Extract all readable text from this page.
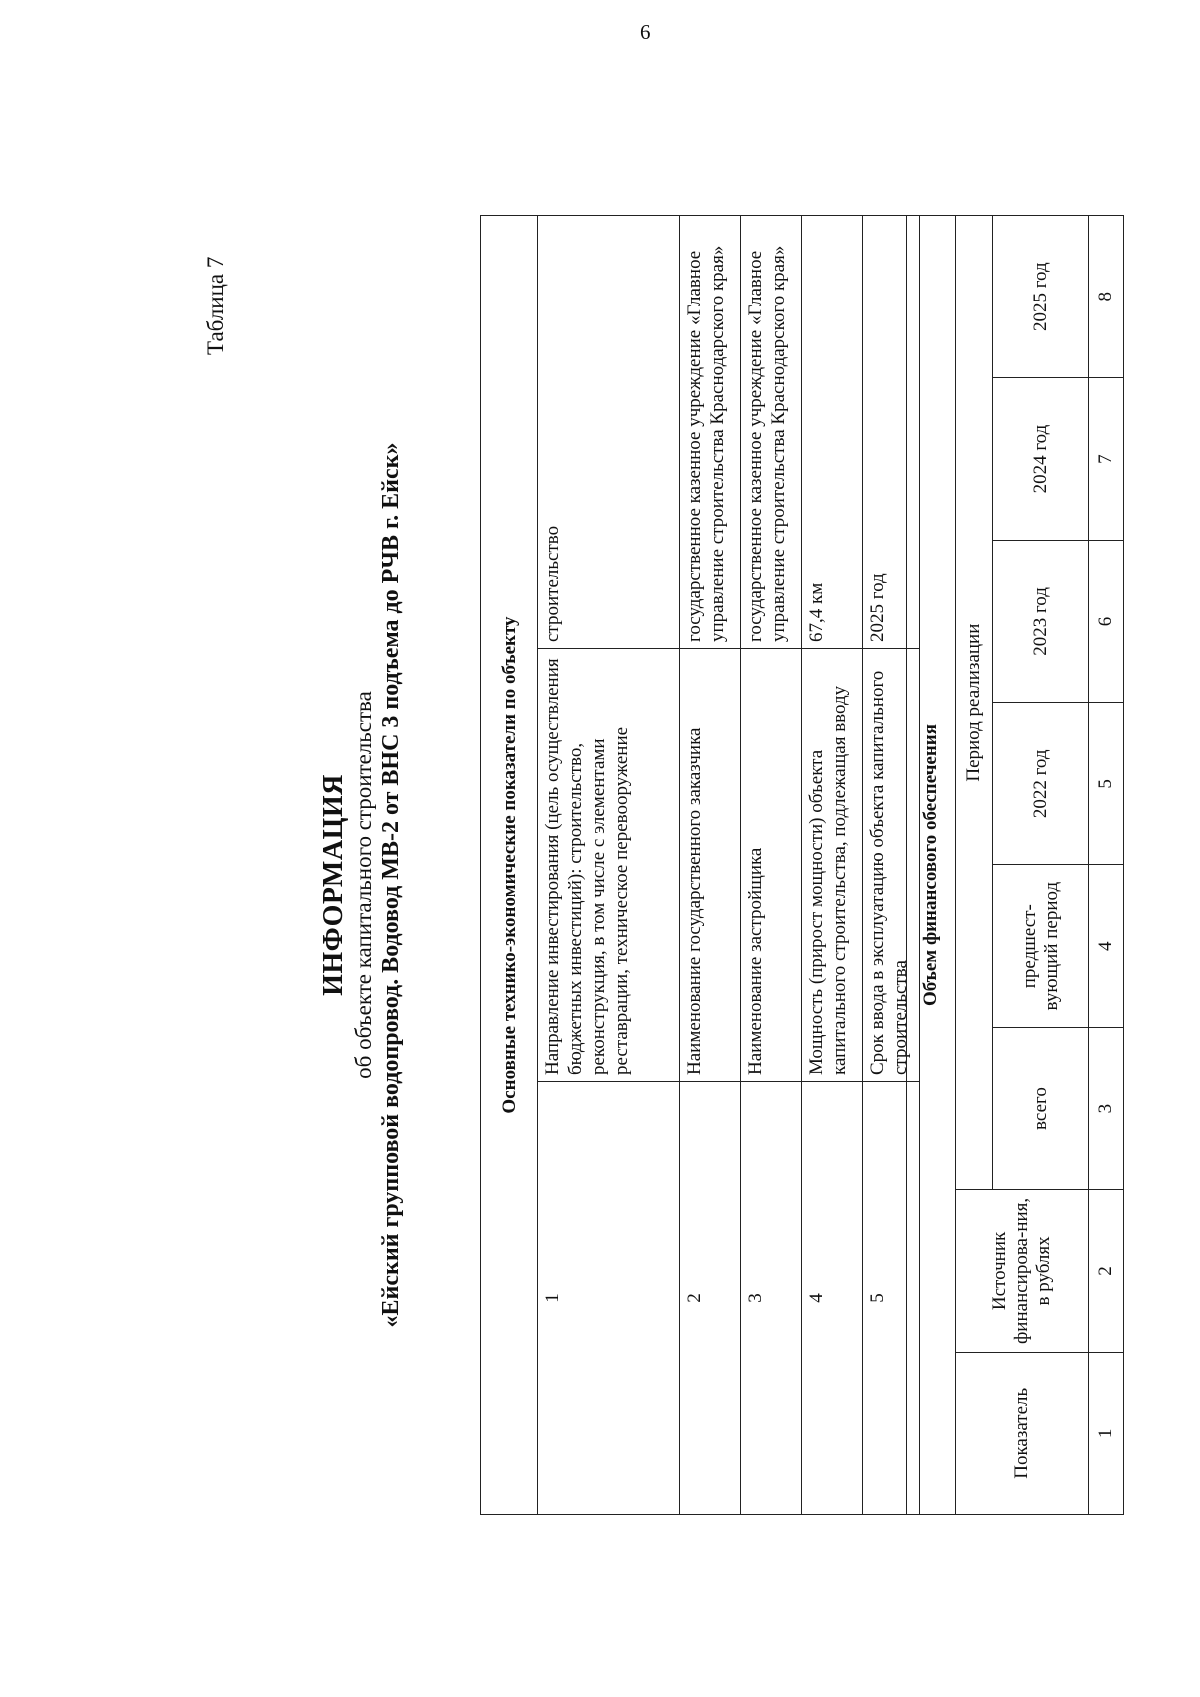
6
Таблица 7
ИНФОРМАЦИЯ об объекте капитального строительства «Ейский групповой водопровод. Водовод МВ-2 от ВНС 3 подъема до РЧВ г. Ейск»	Основные технико-экономические показатели по объекту		
1	Направление инвестирования (цель осуществления бюджетных инвестиций): строительство, реконструкция, в том числе с элементами реставрации, техническое перевооружение	строительство
2	Наименование государственного заказчика	государственное казенное учреждение «Главное управление строительства Краснодарского края»
3	Наименование застройщика	государственное казенное учреждение «Главное управление строительства Краснодарского края»
4	Мощность (прирост мощности) объекта капитального строительства, подлежащая вводу	67,4 км
5	Срок ввода в эксплуатацию объекта капитального строительства	2025 год
Объем финансового обеспечения							
Показатель	Источник финансирова-ния, в рублях	Период реализации					
		всего	предшест-вующий период	2022 год	2023 год	2024 год	2025 год
1	2	3	4	5	6	7	8
